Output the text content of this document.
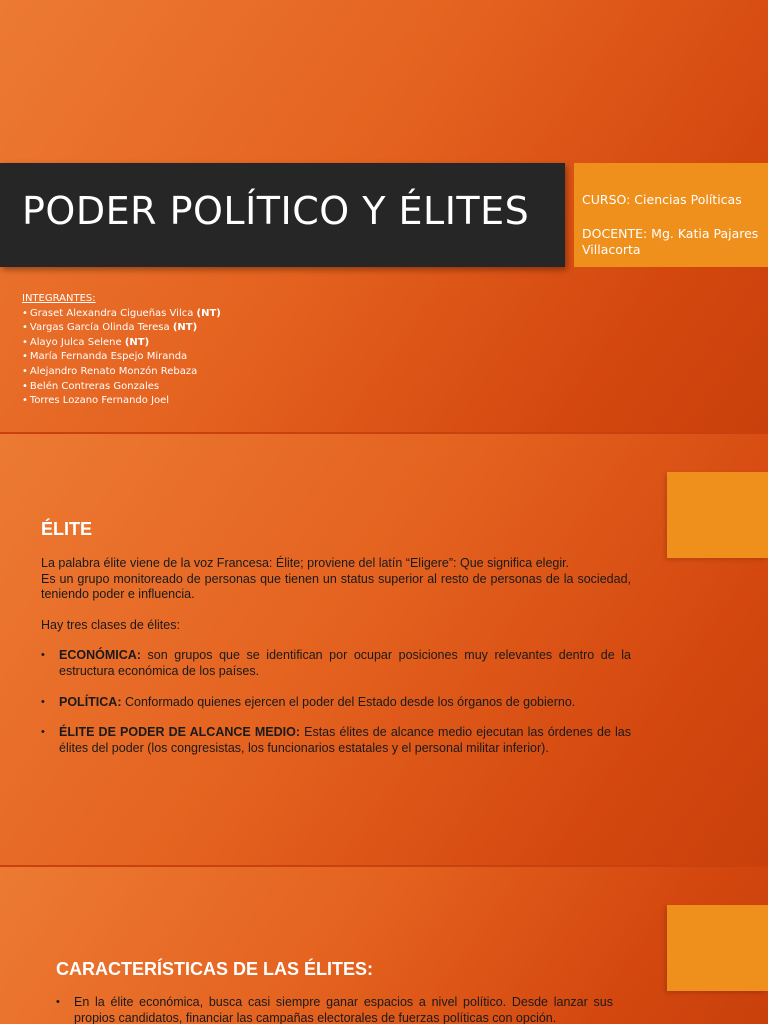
PODER POLÍTICO Y ÉLITES	CURSO: Ciencias Políticas

DOCENTE: Mg. Katia Pajares Villacorta

INTEGRANTES:
• Graset Alexandra Cigueñas Vilca (NT)
• Vargas García Olinda Teresa (NT)
• Alayo Julca Selene (NT)
• María Fernanda Espejo Miranda
• Alejandro Renato Monzón Rebaza
• Belén Contreras Gonzales
• Torres Lozano Fernando Joel
ÉLITE

La palabra élite viene de la voz Francesa: Élite; proviene del latín “Eligere”: Que significa elegir.

Es un grupo monitoreado de personas que tienen un status superior al resto de personas de la sociedad, teniendo poder e influencia.

Hay tres clases de élites:

• ECONÓMICA: son grupos que se identifican por ocupar posiciones muy relevantes dentro de la estructura económica de los países.
• POLÍTICA: Conformado quienes ejercen el poder del Estado desde los órganos de gobierno.
• ÉLITE DE PODER DE ALCANCE MEDIO: Estas élites de alcance medio ejecutan las órdenes de las élites del poder (los congresistas, los funcionarios estatales y el personal militar inferior).
CARACTERÍSTICAS DE LAS ÉLITES:
• En la élite económica, busca casi siempre ganar espacios a nivel político. Desde lanzar sus propios candidatos, financiar las campañas electorales de fuerzas políticas con opción.
